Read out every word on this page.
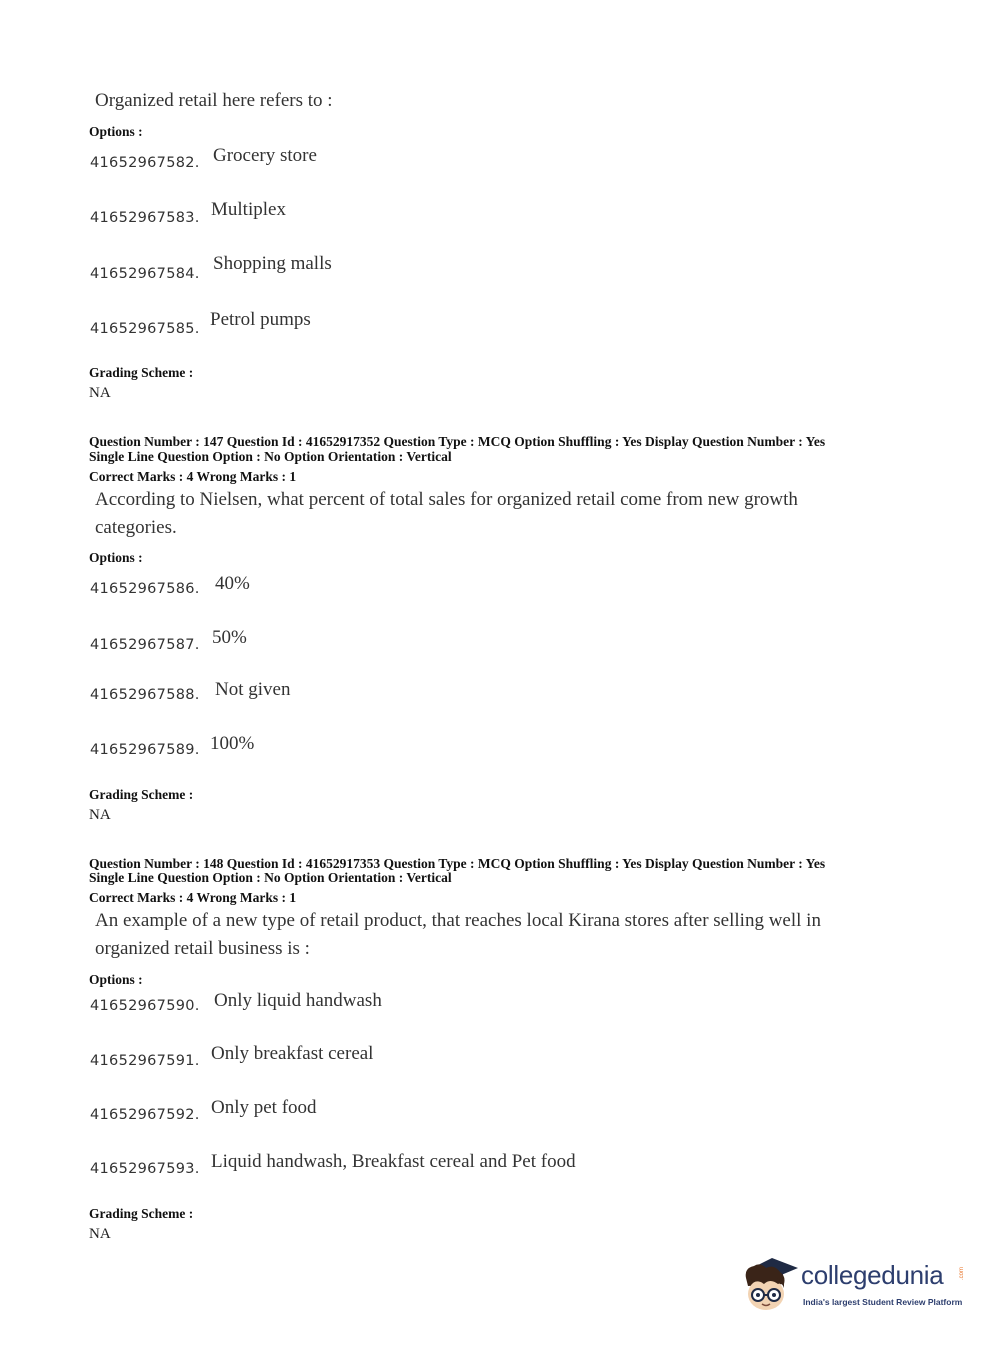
Organized retail here refers to :
Options :
41652967582. Grocery store
41652967583. Multiplex
41652967584. Shopping malls
41652967585. Petrol pumps
Grading Scheme :
NA
Question Number : 147 Question Id : 41652917352 Question Type : MCQ Option Shuffling : Yes Display Question Number : Yes
Single Line Question Option : No Option Orientation : Vertical
Correct Marks : 4 Wrong Marks : 1
According to Nielsen, what percent of total sales for organized retail come from new growth
categories.
Options :
41652967586. 40%
41652967587. 50%
41652967588. Not given
41652967589. 100%
Grading Scheme :
NA
Question Number : 148 Question Id : 41652917353 Question Type : MCQ Option Shuffling : Yes Display Question Number : Yes
Single Line Question Option : No Option Orientation : Vertical
Correct Marks : 4 Wrong Marks : 1
An example of a new type of retail product, that reaches local Kirana stores after selling well in
organized retail business is :
Options :
41652967590. Only liquid handwash
41652967591. Only breakfast cereal
41652967592. Only pet food
41652967593. Liquid handwash, Breakfast cereal and Pet food
Grading Scheme :
NA
collegedunia	.com
India's largest Student Review Platform
